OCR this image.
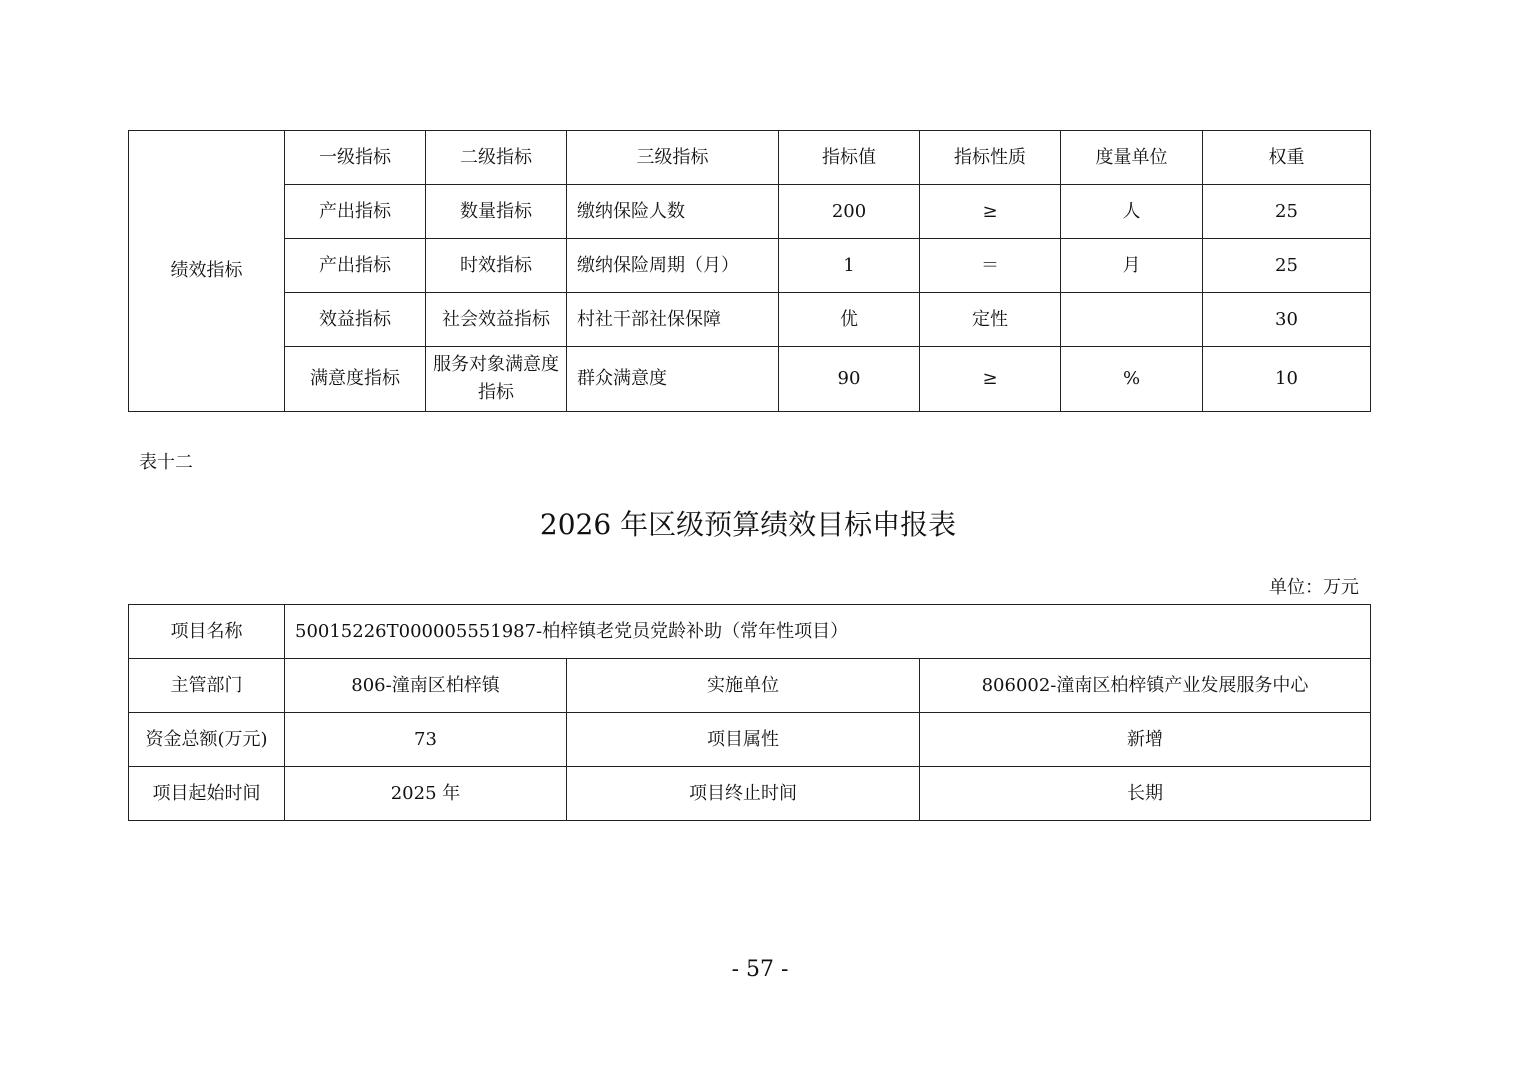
绩效指标	一级指标	二级指标	三级指标	指标值	指标性质	度量单位	权重
	产出指标	数量指标	缴纳保险人数	200	≥	人	25
	产出指标	时效指标	缴纳保险周期（月）	1	＝	月	25
	效益指标	社会效益指标	村社干部社保保障	优	定性		30
	满意度指标	服务对象满意度指标	群众满意度	90	≥	%	10
表十二
2026 年区级预算绩效目标申报表
单位：万元
项目名称	50015226T000005551987-柏梓镇老党员党龄补助（常年性项目）		
主管部门	806-潼南区柏梓镇	实施单位	806002-潼南区柏梓镇产业发展服务中心
资金总额(万元)	73	项目属性	新增
项目起始时间	2025 年	项目终止时间	长期
- 57 -
